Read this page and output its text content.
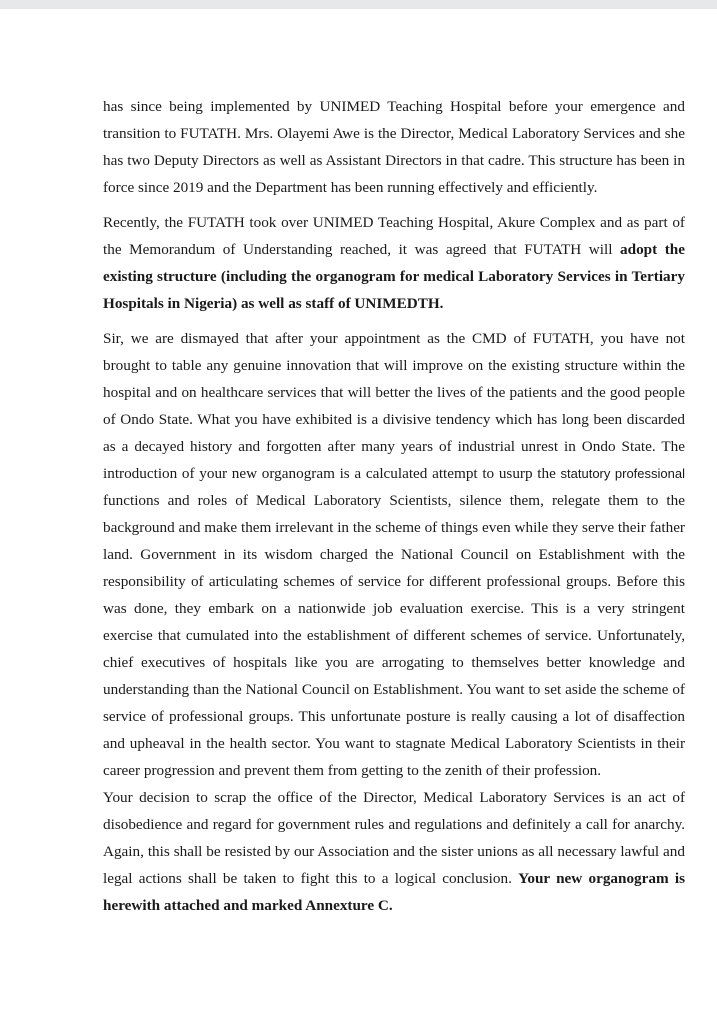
has since being implemented by UNIMED Teaching Hospital before your emergence and transition to FUTATH. Mrs. Olayemi Awe is the Director, Medical Laboratory Services and she has two Deputy Directors as well as Assistant Directors in that cadre. This structure has been in force since 2019 and the Department has been running effectively and efficiently.

Recently, the FUTATH took over UNIMED Teaching Hospital, Akure Complex and as part of the Memorandum of Understanding reached, it was agreed that FUTATH will adopt the existing structure (including the organogram for medical Laboratory Services in Tertiary Hospitals in Nigeria) as well as staff of UNIMEDTH.

Sir, we are dismayed that after your appointment as the CMD of FUTATH, you have not brought to table any genuine innovation that will improve on the existing structure within the hospital and on healthcare services that will better the lives of the patients and the good people of Ondo State. What you have exhibited is a divisive tendency which has long been discarded as a decayed history and forgotten after many years of industrial unrest in Ondo State. The introduction of your new organogram is a calculated attempt to usurp the statutory professional functions and roles of Medical Laboratory Scientists, silence them, relegate them to the background and make them irrelevant in the scheme of things even while they serve their father land. Government in its wisdom charged the National Council on Establishment with the responsibility of articulating schemes of service for different professional groups. Before this was done, they embark on a nationwide job evaluation exercise. This is a very stringent exercise that cumulated into the establishment of different schemes of service. Unfortunately, chief executives of hospitals like you are arrogating to themselves better knowledge and understanding than the National Council on Establishment. You want to set aside the scheme of service of professional groups. This unfortunate posture is really causing a lot of disaffection and upheaval in the health sector. You want to stagnate Medical Laboratory Scientists in their career progression and prevent them from getting to the zenith of their profession.

Your decision to scrap the office of the Director, Medical Laboratory Services is an act of disobedience and regard for government rules and regulations and definitely a call for anarchy. Again, this shall be resisted by our Association and the sister unions as all necessary lawful and legal actions shall be taken to fight this to a logical conclusion. Your new organogram is herewith attached and marked Annexture C.
